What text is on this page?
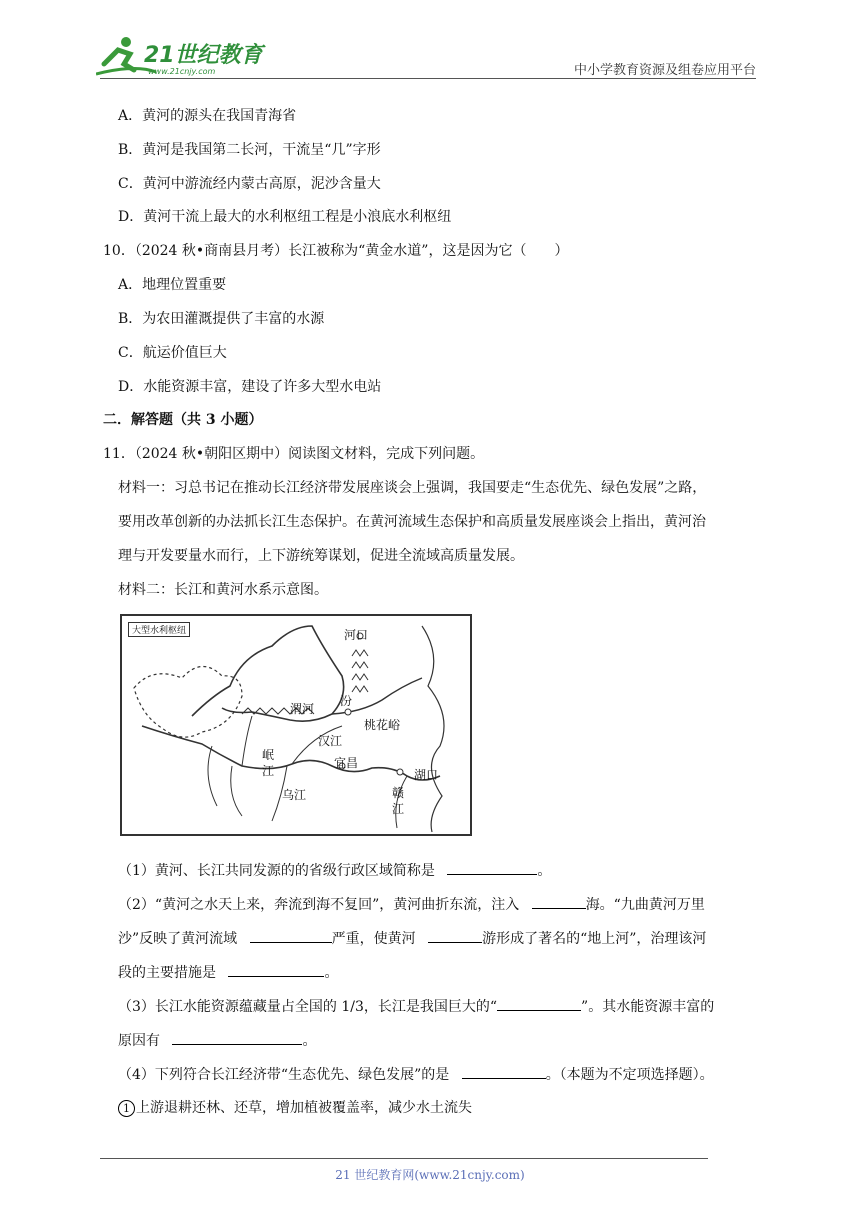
21世纪教育
www.21cnjy.com	中小学教育资源及组卷应用平台
A．黄河的源头在我国青海省
B．黄河是我国第二长河，干流呈“几”字形
C．黄河中游流经内蒙古高原，泥沙含量大
D．黄河干流上最大的水利枢纽工程是小浪底水利枢纽
10．（2024 秋•商南县月考）长江被称为“黄金水道”，这是因为它（　　）
A．地理位置重要
B．为农田灌溉提供了丰富的水源
C．航运价值巨大
D．水能资源丰富，建设了许多大型水电站
二．解答题（共 3 小题）
11．（2024 秋•朝阳区期中）阅读图文材料，完成下列问题。
材料一：习总书记在推动长江经济带发展座谈会上强调，我国要走“生态优先、绿色发展”之路，
要用改革创新的办法抓长江生态保护。在黄河流域生态保护和高质量发展座谈会上指出，黄河治
理与开发要量水而行，上下游统筹谋划，促进全流域高质量发展。
材料二：长江和黄河水系示意图。
大型水利枢纽	河口
渭河
汾
桃花峪
汉江
宜昌
岷
江
乌江
湖口
赣
江
（1）黄河、长江共同发源的的省级行政区域简称是	。
（2）“黄河之水天上来，奔流到海不复回”，黄河曲折东流，注入	海。“九曲黄河万里
沙”反映了黄河流域	严重，使黄河	游形成了著名的“地上河”，治理该河
段的主要措施是	。
（3）长江水能资源蕴藏量占全国的 1/3，长江是我国巨大的“	”。其水能资源丰富的
原因有	。
（4）下列符合长江经济带“生态优先、绿色发展”的是	。（本题为不定项选择题）。
1 上游退耕还林、还草，增加植被覆盖率，减少水土流失
21 世纪教育网(www.21cnjy.com)
